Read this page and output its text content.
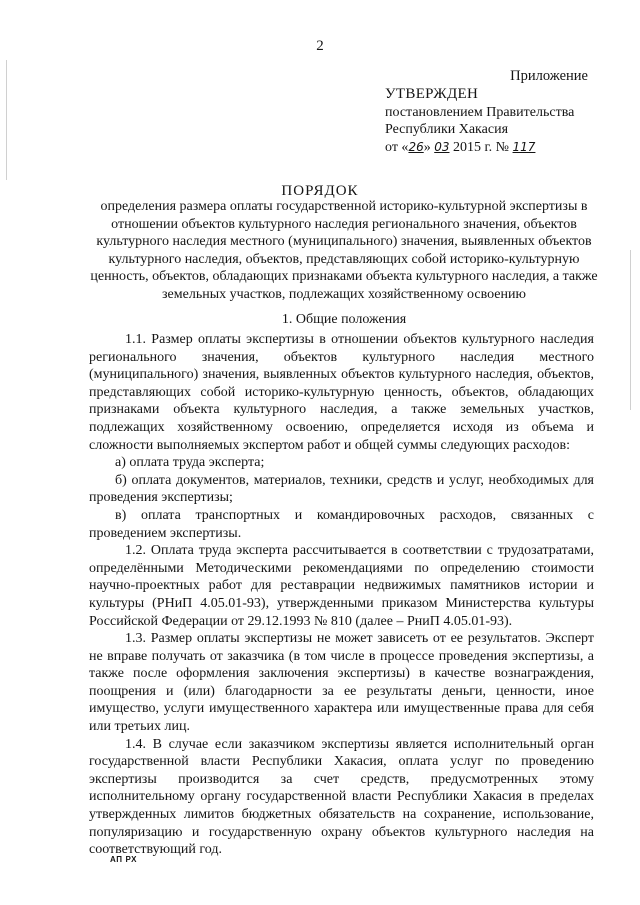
2
Приложение
УТВЕРЖДЕН
постановлением Правительства
Республики Хакасия
от «26» 03 2015 г. № 117
ПОРЯДОК
определения размера оплаты государственной историко-культурной экспертизы в отношении объектов культурного наследия регионального значения, объектов культурного наследия местного (муниципального) значения, выявленных объектов культурного наследия, объектов, представляющих собой историко-культурную ценность, объектов, обладающих признаками объекта культурного наследия, а также земельных участков, подлежащих хозяйственному освоению
1. Общие положения

1.1. Размер оплаты экспертизы в отношении объектов культурного наследия регионального значения, объектов культурного наследия местного (муниципального) значения, выявленных объектов культурного наследия, объектов, представляющих собой историко-культурную ценность, объектов, обладающих признаками объекта культурного наследия, а также земельных участков, подлежащих хозяйственному освоению, определяется исходя из объема и сложности выполняемых экспертом работ и общей суммы следующих расходов:

а) оплата труда эксперта;

б) оплата документов, материалов, техники, средств и услуг, необходимых для проведения экспертизы;

в) оплата транспортных и командировочных расходов, связанных с проведением экспертизы.

1.2. Оплата труда эксперта рассчитывается в соответствии с трудозатратами, определёнными Методическими рекомендациями по определению стоимости научно-проектных работ для реставрации недвижимых памятников истории и культуры (РНиП 4.05.01-93), утвержденными приказом Министерства культуры Российской Федерации от 29.12.1993 № 810 (далее – РниП 4.05.01-93).

1.3. Размер оплаты экспертизы не может зависеть от ее результатов. Эксперт не вправе получать от заказчика (в том числе в процессе проведения экспертизы, а также после оформления заключения экспертизы) в качестве вознаграждения, поощрения и (или) благодарности за ее результаты деньги, ценности, иное имущество, услуги имущественного характера или имущественные права для себя или третьих лиц.

1.4. В случае если заказчиком экспертизы является исполнительный орган государственной власти Республики Хакасия, оплата услуг по проведению экспертизы производится за счет средств, предусмотренных этому исполнительному органу государственной власти Республики Хакасия в пределах утвержденных лимитов бюджетных обязательств на сохранение, использование, популяризацию и государственную охрану объектов культурного наследия на соответствующий год.

АП РХ
